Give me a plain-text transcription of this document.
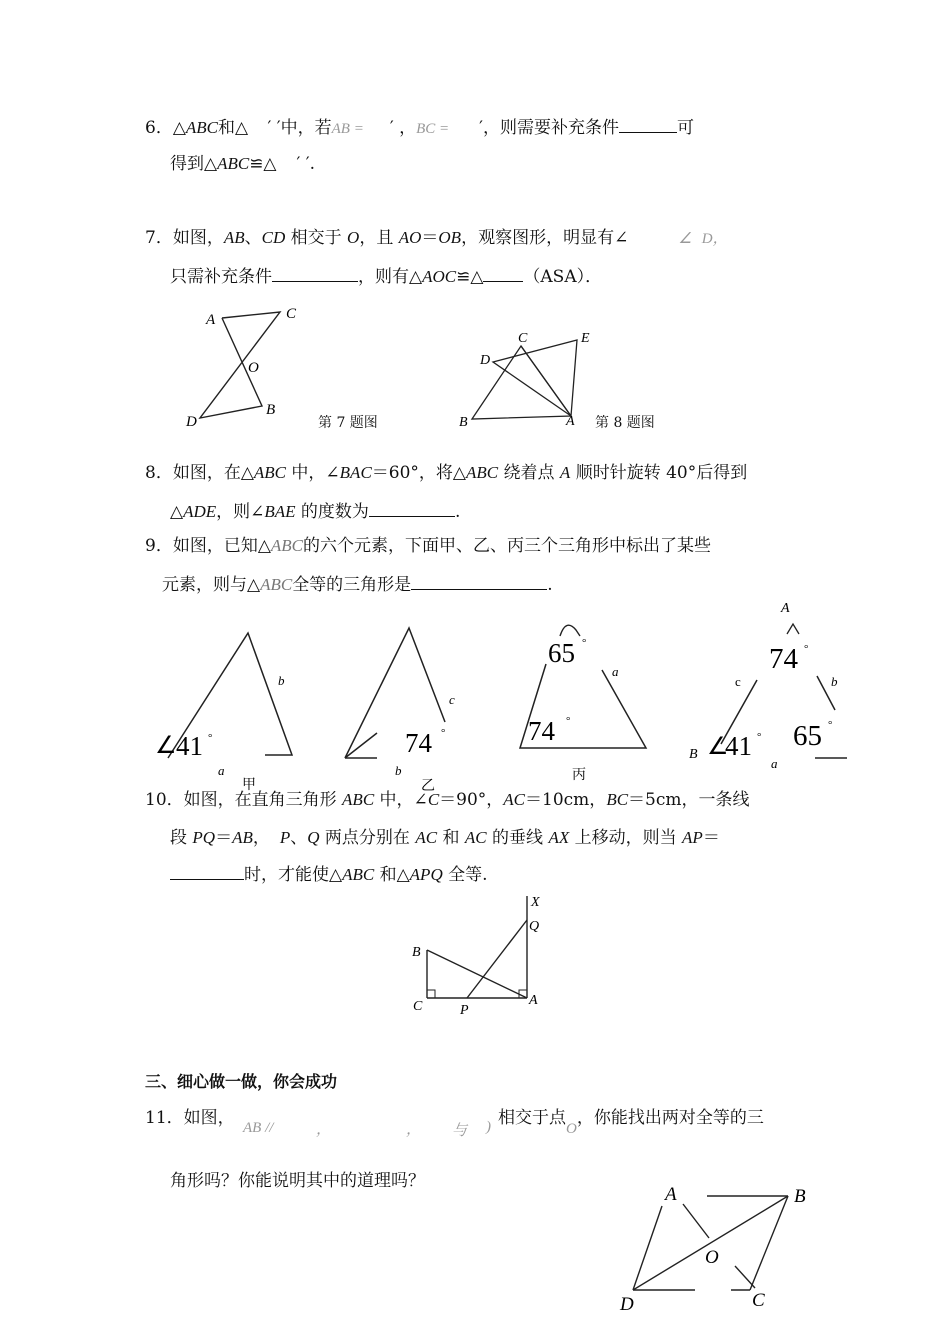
6．△ABC和△ ′ ′中，若AB = ′ ，BC = ′，则需要补充条件	可
得到△ABC≌△ ′ ′.
7．如图，AB、CD 相交于 O，且 AO＝OB，观察图形，明显有∠	∠ D，
只需补充条件	，则有△AOC≌△ （ASA）．
A	C
O
D
B
第 7 题图
C	E
D
B	A 第 8 题图
8．如图，在△ABC 中，∠BAC＝60°，将△ABC 绕着点 A 顺时针旋转 40°后得到
△ADE，则∠BAE 的度数为	.
9．如图，已知△ABC的六个元素，下面甲、乙、丙三个三角形中标出了某些
元素，则与△ABC全等的三角形是	.
∠ 41 °
b
a
甲
74 °
c
b
乙
65 °
74 °
a
丙
A
74 °
c	b
B ∠
41 ° 65 °
a
10．如图，在直角三角形 ABC 中，∠C＝90°，AC＝10cm，BC＝5cm，一条线
段 PQ＝AB， P、Q 两点分别在 AC 和 AC 的垂线 AX 上移动，则当 AP＝
时，才能使△ABC 和△APQ 全等.
X
Q
B
C	P
A
三、细心做一做，你会成功
11．如图， AB //	，	， 与 ) 相交于点O，你能找出两对全等的三
角形吗？你能说明其中的道理吗？
A	B
O
D	C
